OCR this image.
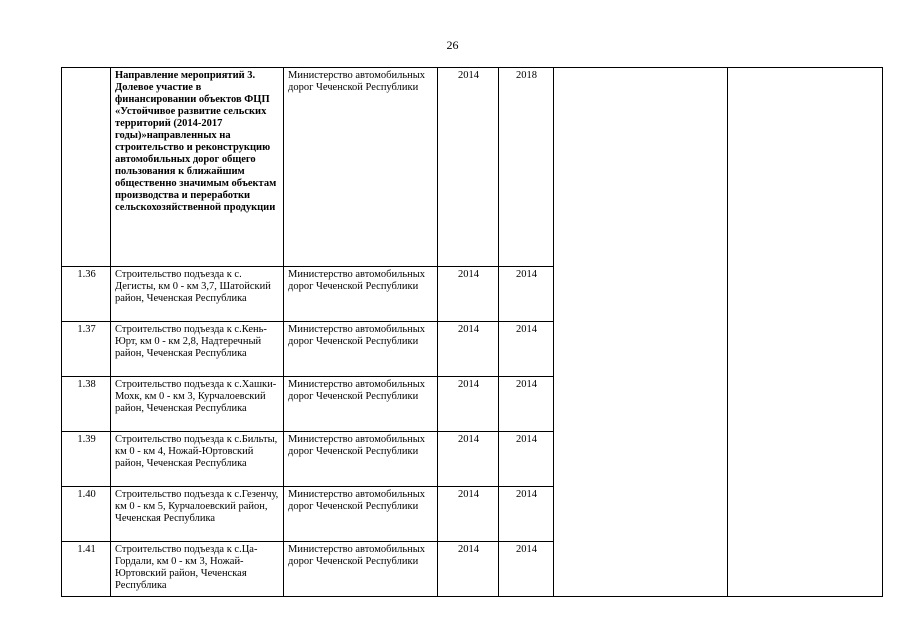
26
	Направление мероприятий 3. Долевое участие в финансировании объектов ФЦП «Устойчивое развитие сельских территорий (2014-2017 годы)»направленных на строительство и реконструкцию автомобильных дорог общего пользования к ближайшим общественно значимым объектам производства и переработки сельскохозяйственной продукции	Министерство автомобильных дорог Чеченской Республики	2014	2018		
1.36	Строительство подъезда к с. Дегисты, км 0 - км 3,7, Шатойский район, Чеченская Республика	Министерство автомобильных дорог Чеченской Республики	2014	2014		
1.37	Строительство подъезда к с.Кень-Юрт, км 0 - км 2,8, Надтеречный район, Чеченская Республика	Министерство автомобильных дорог Чеченской Республики	2014	2014		
1.38	Строительство подъезда к с.Хашки-Мохк, км 0 - км 3, Курчалоевский район, Чеченская Республика	Министерство автомобильных дорог Чеченской Республики	2014	2014		
1.39	Строительство подъезда к с.Бильты, км 0 - км 4, Ножай-Юртовский район, Чеченская Республика	Министерство автомобильных дорог Чеченской Республики	2014	2014		
1.40	Строительство подъезда к с.Гезенчу, км 0 - км 5, Курчалоевский район, Чеченская Республика	Министерство автомобильных дорог Чеченской Республики	2014	2014		
1.41	Строительство подъезда к с.Ца-Гордали, км 0 - км 3, Ножай-Юртовский район, Чеченская Республика	Министерство автомобильных дорог Чеченской Республики	2014	2014		
